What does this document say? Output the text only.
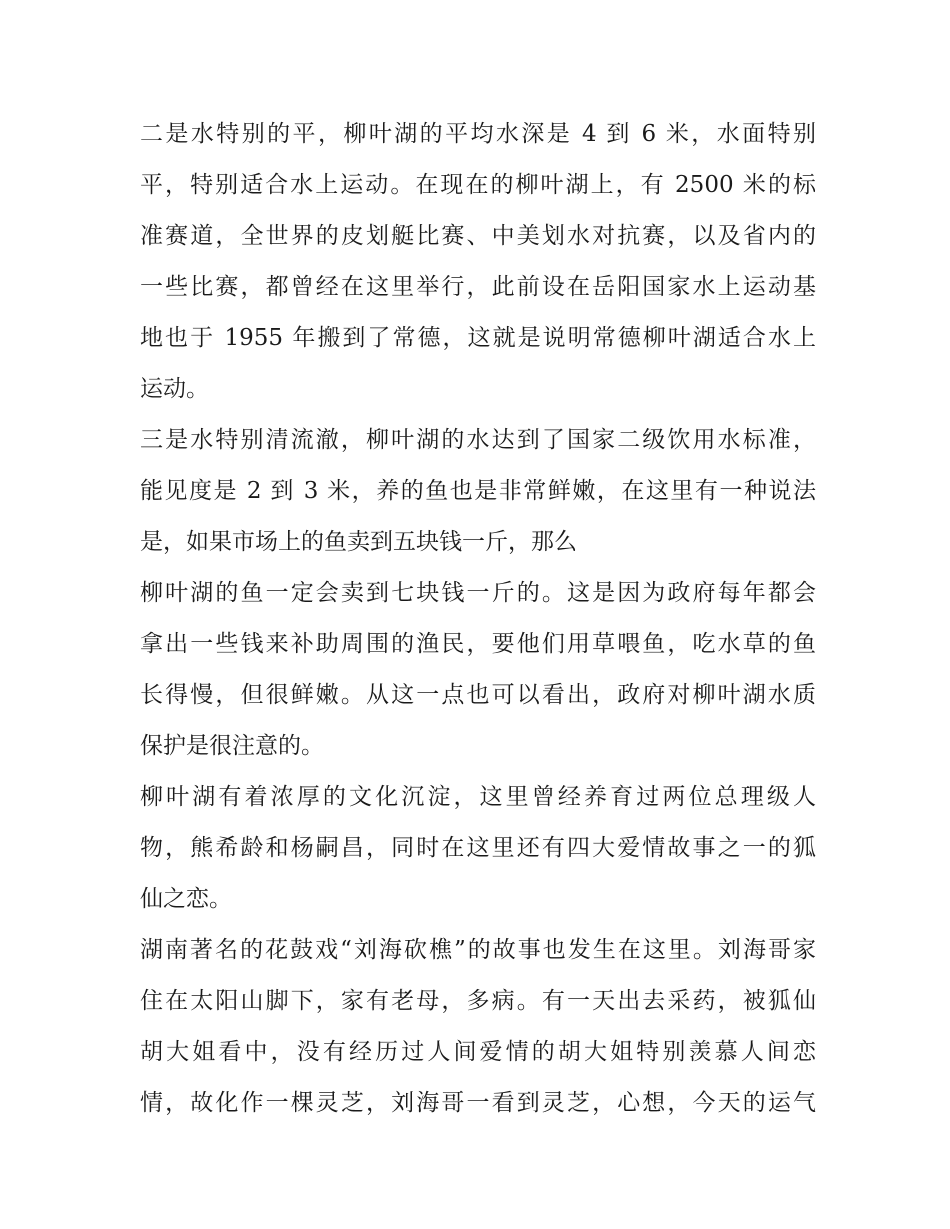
二是水特别的平，柳叶湖的平均水深是 4 到 6 米，水面特别
平，特别适合水上运动。在现在的柳叶湖上，有 2500 米的标
准赛道，全世界的皮划艇比赛、中美划水对抗赛，以及省内的
一些比赛，都曾经在这里举行，此前设在岳阳国家水上运动基
地也于 1955 年搬到了常德，这就是说明常德柳叶湖适合水上
运动。
三是水特别清流澈，柳叶湖的水达到了国家二级饮用水标准，
能见度是 2 到 3 米，养的鱼也是非常鲜嫩，在这里有一种说法
是，如果市场上的鱼卖到五块钱一斤，那么
柳叶湖的鱼一定会卖到七块钱一斤的。这是因为政府每年都会
拿出一些钱来补助周围的渔民，要他们用草喂鱼，吃水草的鱼
长得慢，但很鲜嫩。从这一点也可以看出，政府对柳叶湖水质
保护是很注意的。
柳叶湖有着浓厚的文化沉淀，这里曾经养育过两位总理级人
物，熊希龄和杨嗣昌，同时在这里还有四大爱情故事之一的狐
仙之恋。
湖南著名的花鼓戏“刘海砍樵”的故事也发生在这里。刘海哥家
住在太阳山脚下，家有老母，多病。有一天出去采药，被狐仙
胡大姐看中，没有经历过人间爱情的胡大姐特别羡慕人间恋
情，故化作一棵灵芝，刘海哥一看到灵芝，心想，今天的运气
